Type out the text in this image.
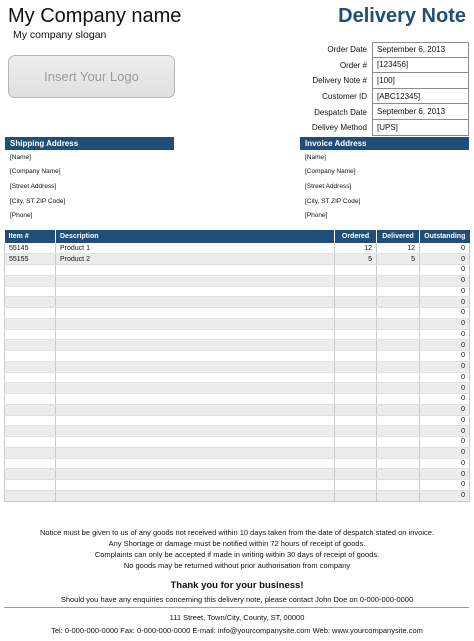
My Company name
My company slogan
Delivery Note
Insert Your Logo
Order Date	September 6, 2013
Order #	[123456]
Delivery Note #	[100]
Customer ID	[ABC12345]
Despatch Date	September 6, 2013
Delivey Method	[UPS]
Shipping Address
[Name]
[Company Name]
[Street Address]
[City, ST ZIP Code]
[Phone]
Invoice Address
[Name]
[Company Name]
[Street Address]
[City, ST ZIP Code]
[Phone]
Item #	Description	Ordered	Delivered	Outstanding
55145	Product 1	12	12	0
55155	Product 2	5	5	0
				0
				0
				0
				0
				0
				0
				0
				0
				0
				0
				0
				0
				0
				0
				0
				0
				0
				0
				0
				0
				0
				0
Notice must be given to us of any goods not received within 10 days taken from the date of despatch stated on invoice.
Any Shortage or damage must be notified within 72 hours of receipt of goods.
Complaints can only be accepted if made in writing within 30 days of receipt of goods.
No goods may be returned without prior authorisation from company
Thank you for your business!
Should you have any enquiries concerning this delivery note, please contact John Doe on 0-000-000-0000
111 Street, Town/City, County, ST, 00000
Tel: 0-000-000-0000 Fax: 0-000-000-0000 E-mail: info@yourcompanysite.com Web: www.yourcompanysite.com
